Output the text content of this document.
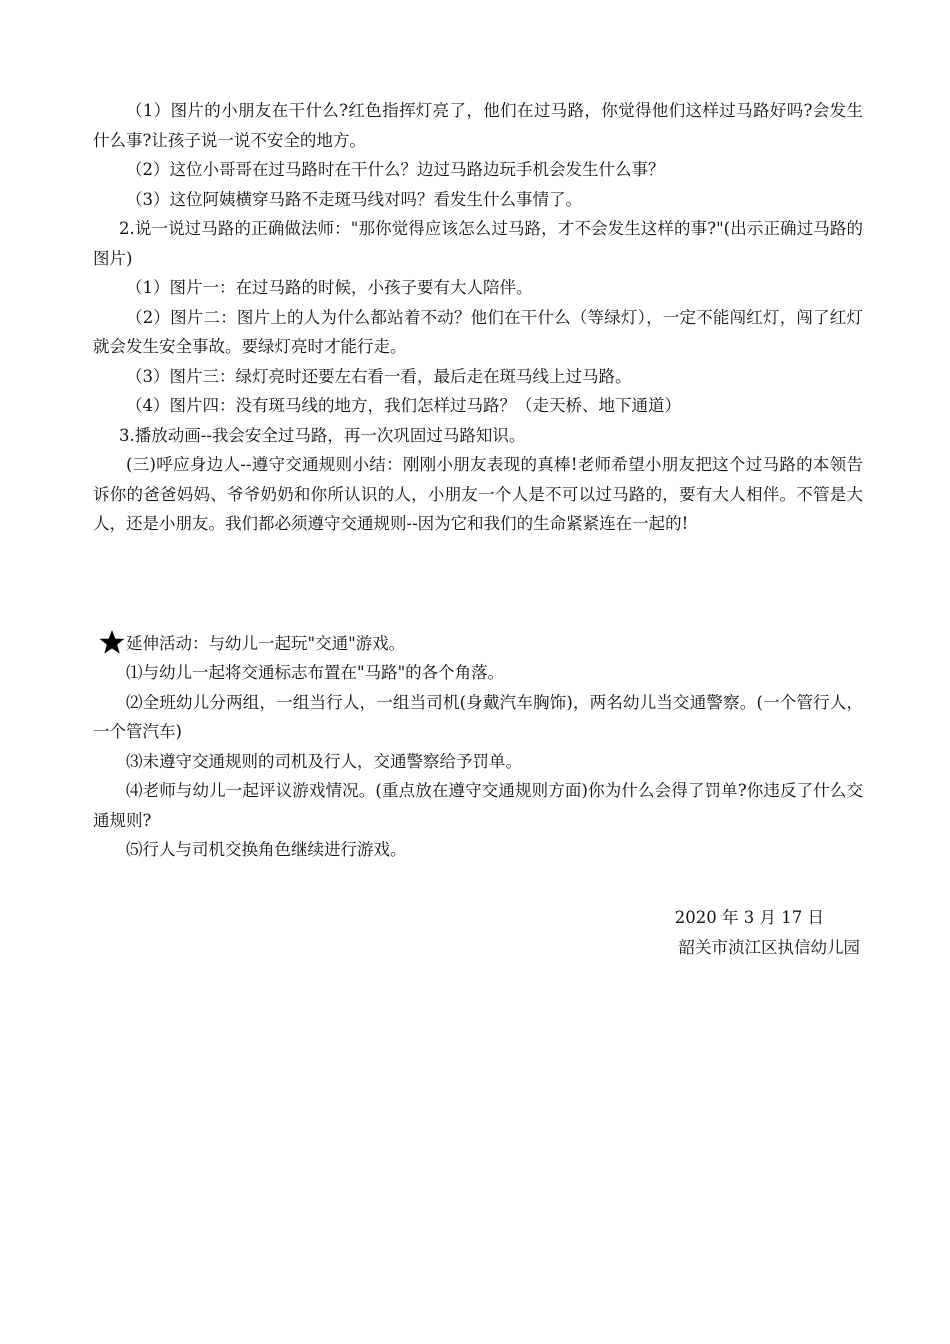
（1）图片的小朋友在干什么?红色指挥灯亮了，他们在过马路，你觉得他们这样过马路好吗?会发生什么事?让孩子说一说不安全的地方。

（2）这位小哥哥在过马路时在干什么？边过马路边玩手机会发生什么事？

（3）这位阿姨横穿马路不走斑马线对吗？看发生什么事情了。

2.说一说过马路的正确做法师："那你觉得应该怎么过马路，才不会发生这样的事?"(出示正确过马路的图片)

（1）图片一：在过马路的时候，小孩子要有大人陪伴。

（2）图片二：图片上的人为什么都站着不动？他们在干什么（等绿灯），一定不能闯红灯，闯了红灯就会发生安全事故。要绿灯亮时才能行走。

（3）图片三：绿灯亮时还要左右看一看，最后走在斑马线上过马路。

（4）图片四：没有斑马线的地方，我们怎样过马路？（走天桥、地下通道）

3.播放动画--我会安全过马路，再一次巩固过马路知识。

(三)呼应身边人--遵守交通规则小结：刚刚小朋友表现的真棒!老师希望小朋友把这个过马路的本领告诉你的爸爸妈妈、爷爷奶奶和你所认识的人，小朋友一个人是不可以过马路的，要有大人相伴。不管是大人，还是小朋友。我们都必须遵守交通规则--因为它和我们的生命紧紧连在一起的!

延伸活动：与幼儿一起玩"交通"游戏。

⑴与幼儿一起将交通标志布置在"马路"的各个角落。

⑵全班幼儿分两组，一组当行人，一组当司机(身戴汽车胸饰)，两名幼儿当交通警察。(一个管行人，一个管汽车)

⑶未遵守交通规则的司机及行人，交通警察给予罚单。

⑷老师与幼儿一起评议游戏情况。(重点放在遵守交通规则方面)你为什么会得了罚单?你违反了什么交通规则?

⑸行人与司机交换角色继续进行游戏。

2020 年 3 月 17 日
韶关市浈江区执信幼儿园
